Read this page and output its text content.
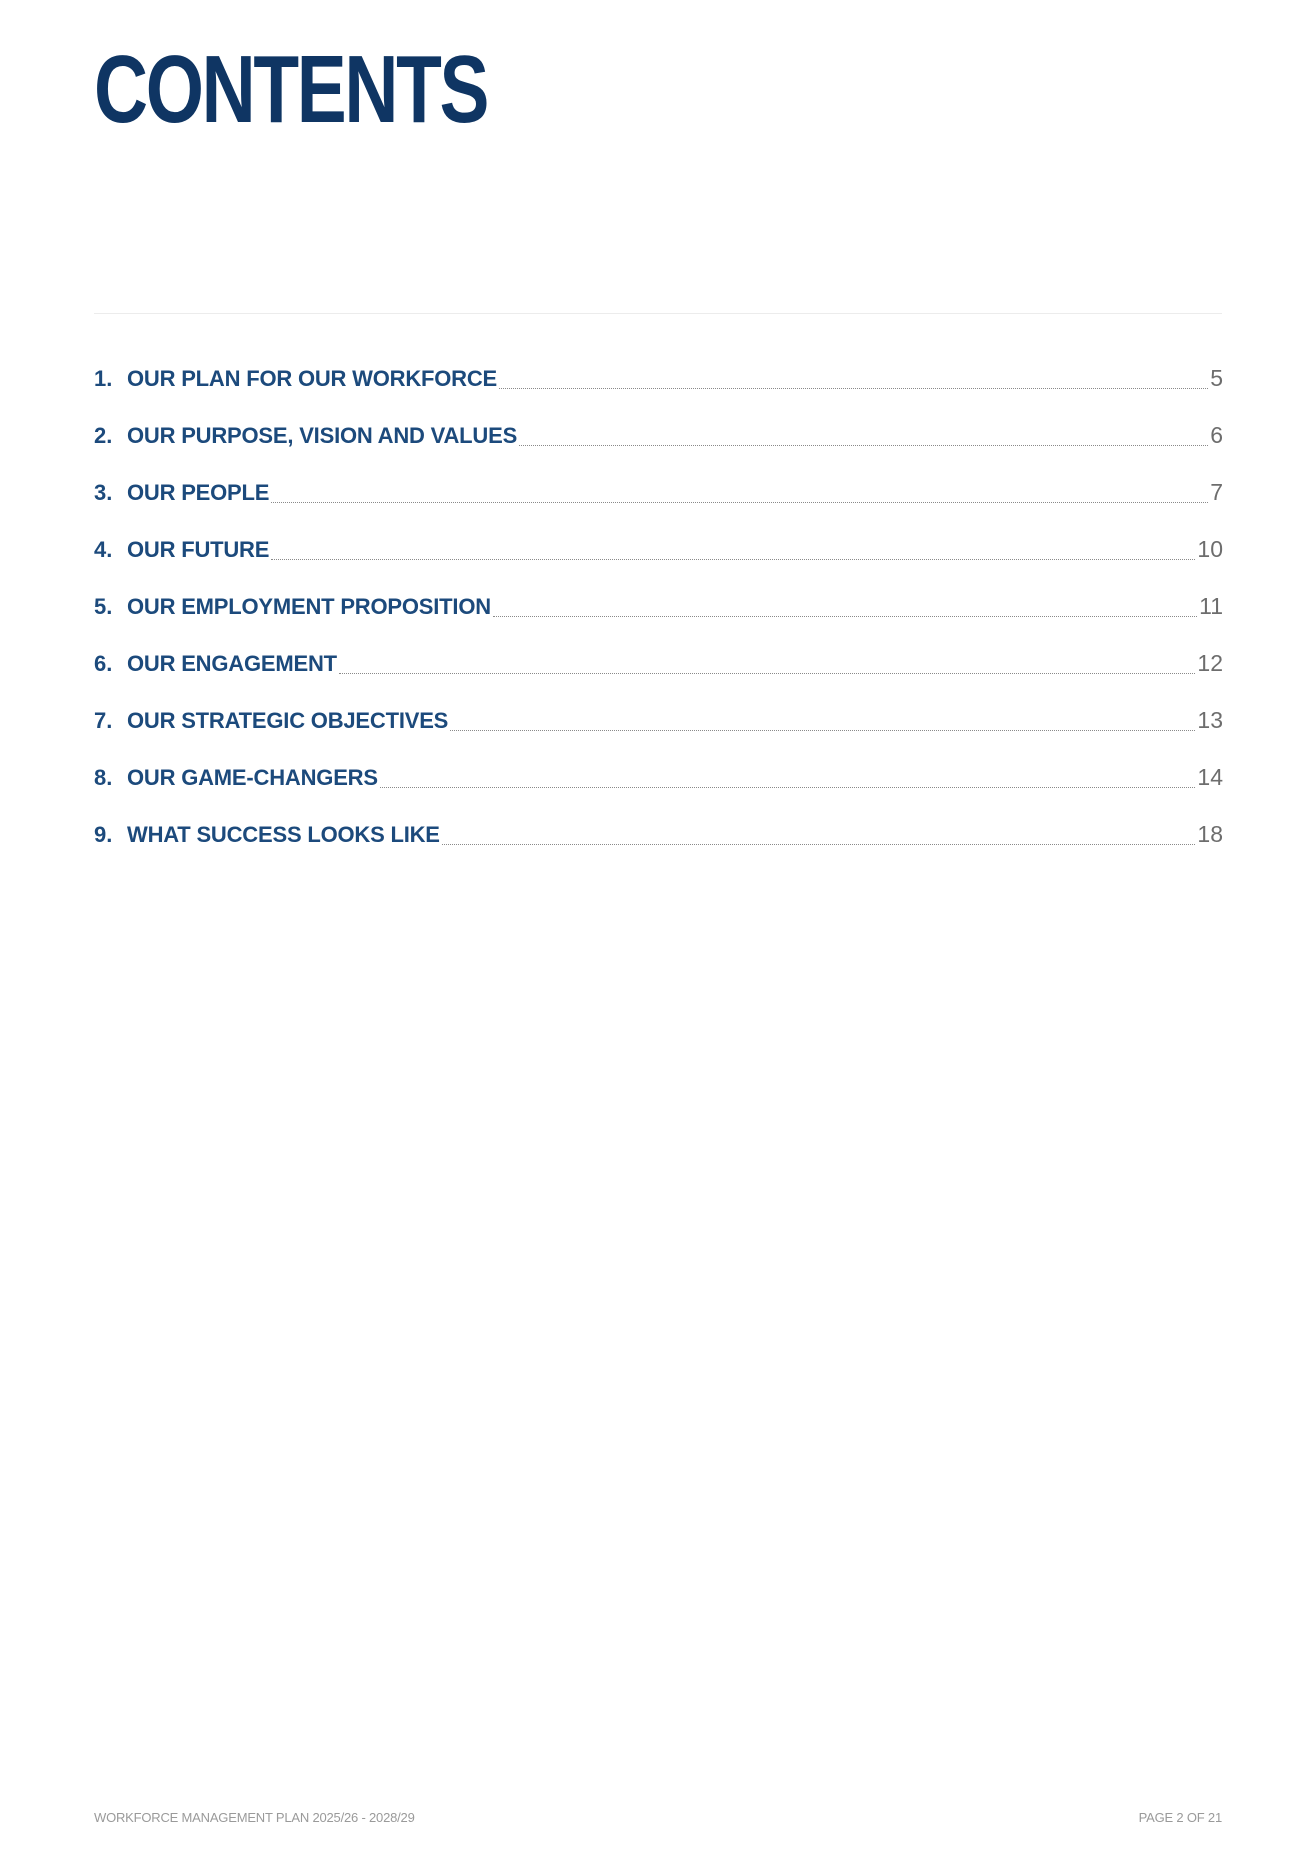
CONTENTS
1. OUR PLAN FOR OUR WORKFORCE	5
2. OUR PURPOSE, VISION AND VALUES	6
3. OUR PEOPLE	7
4. OUR FUTURE	10
5. OUR EMPLOYMENT PROPOSITION	11
6. OUR ENGAGEMENT	12
7. OUR STRATEGIC OBJECTIVES	13
8. OUR GAME-CHANGERS	14
9. WHAT SUCCESS LOOKS LIKE	18
WORKFORCE MANAGEMENT PLAN 2025/26 - 2028/29	PAGE 2 OF 21
